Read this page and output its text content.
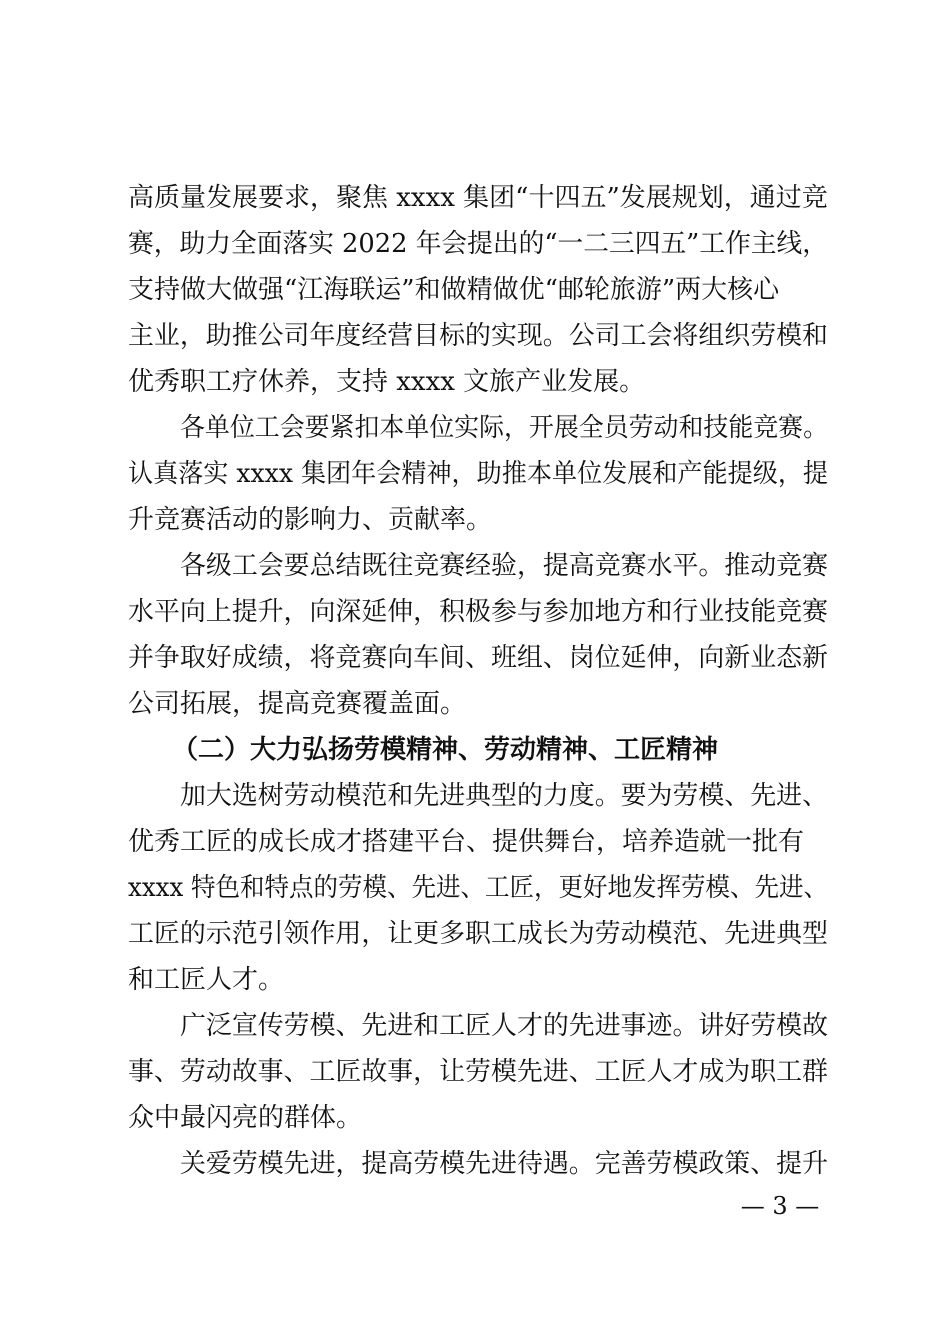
高质量发展要求，聚焦 xxxx 集团“十四五”发展规划，通过竞
赛，助力全面落实 2022 年会提出的“一二三四五”工作主线，
支持做大做强“江海联运”和做精做优“邮轮旅游”两大核心
主业，助推公司年度经营目标的实现。公司工会将组织劳模和
优秀职工疗休养，支持 xxxx 文旅产业发展。
各单位工会要紧扣本单位实际，开展全员劳动和技能竞赛。
认真落实 xxxx 集团年会精神，助推本单位发展和产能提级，提
升竞赛活动的影响力、贡献率。
各级工会要总结既往竞赛经验，提高竞赛水平。推动竞赛
水平向上提升，向深延伸，积极参与参加地方和行业技能竞赛
并争取好成绩，将竞赛向车间、班组、岗位延伸，向新业态新
公司拓展，提高竞赛覆盖面。
（二）大力弘扬劳模精神、劳动精神、工匠精神
加大选树劳动模范和先进典型的力度。要为劳模、先进、
优秀工匠的成长成才搭建平台、提供舞台，培养造就一批有
xxxx 特色和特点的劳模、先进、工匠，更好地发挥劳模、先进、
工匠的示范引领作用，让更多职工成长为劳动模范、先进典型
和工匠人才。
广泛宣传劳模、先进和工匠人才的先进事迹。讲好劳模故
事、劳动故事、工匠故事，让劳模先进、工匠人才成为职工群
众中最闪亮的群体。
关爱劳模先进，提高劳模先进待遇。完善劳模政策、提升
— 3 —
